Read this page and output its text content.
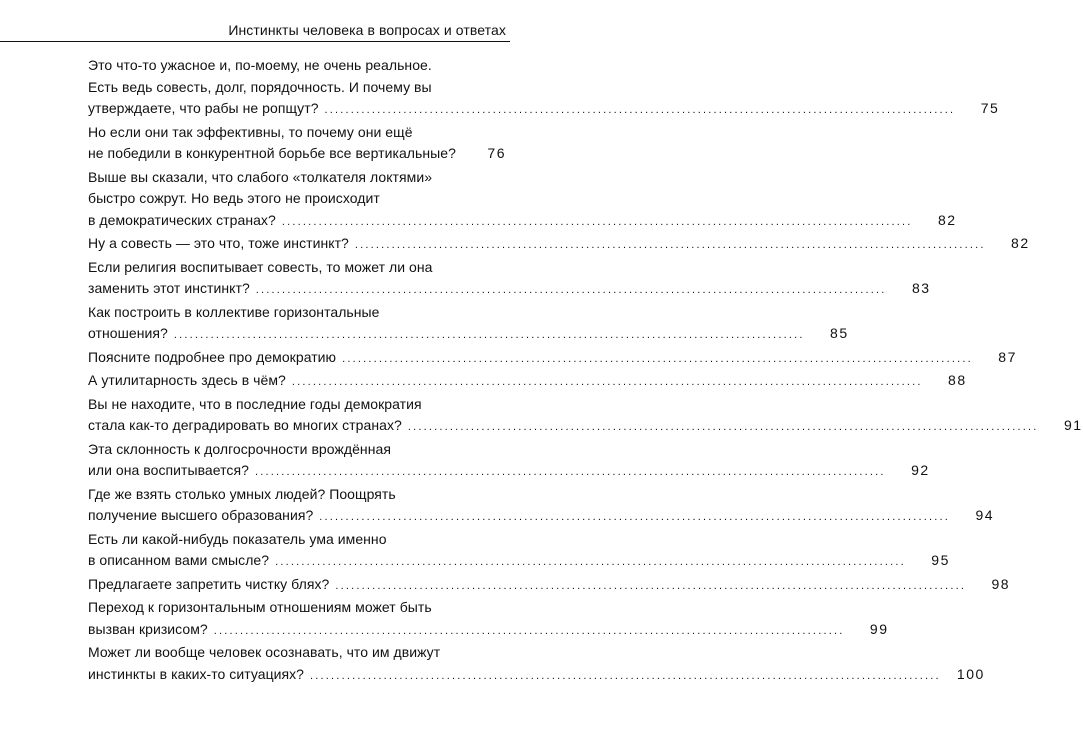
Инстинкты человека в вопросах и ответах
Это что-то ужасное и, по-моему, не очень реальное.
Есть ведь совесть, долг, порядочность. И почему вы
утверждаете, что рабы не ропщут? ........................................................................................................................	75
Но если они так эффективны, то почему они ещё
не победили в конкурентной борьбе все вертикальные?	76
Выше вы сказали, что слабого «толкателя локтями»
быстро сожрут. Но ведь этого не происходит
в демократических странах? ........................................................................................................................	82
Ну а совесть — это что, тоже инстинкт? ........................................................................................................................	82
Если религия воспитывает совесть, то может ли она
заменить этот инстинкт? ........................................................................................................................	83
Как построить в коллективе горизонтальные
отношения? ........................................................................................................................	85
Поясните подробнее про демократию ........................................................................................................................	87
А утилитарность здесь в чём? ........................................................................................................................	88
Вы не находите, что в последние годы демократия
стала как-то деградировать во многих странах? ........................................................................................................................	91
Эта склонность к долгосрочности врождённая
или она воспитывается? ........................................................................................................................	92
Где же взять столько умных людей? Поощрять
получение высшего образования? ........................................................................................................................	94
Есть ли какой-нибудь показатель ума именно
в описанном вами смысле? ........................................................................................................................	95
Предлагаете запретить чистку блях? ........................................................................................................................	98
Переход к горизонтальным отношениям может быть
вызван кризисом? ........................................................................................................................	99
Может ли вообще человек осознавать, что им движут
инстинкты в каких-то ситуациях? ........................................................................................................................	100
